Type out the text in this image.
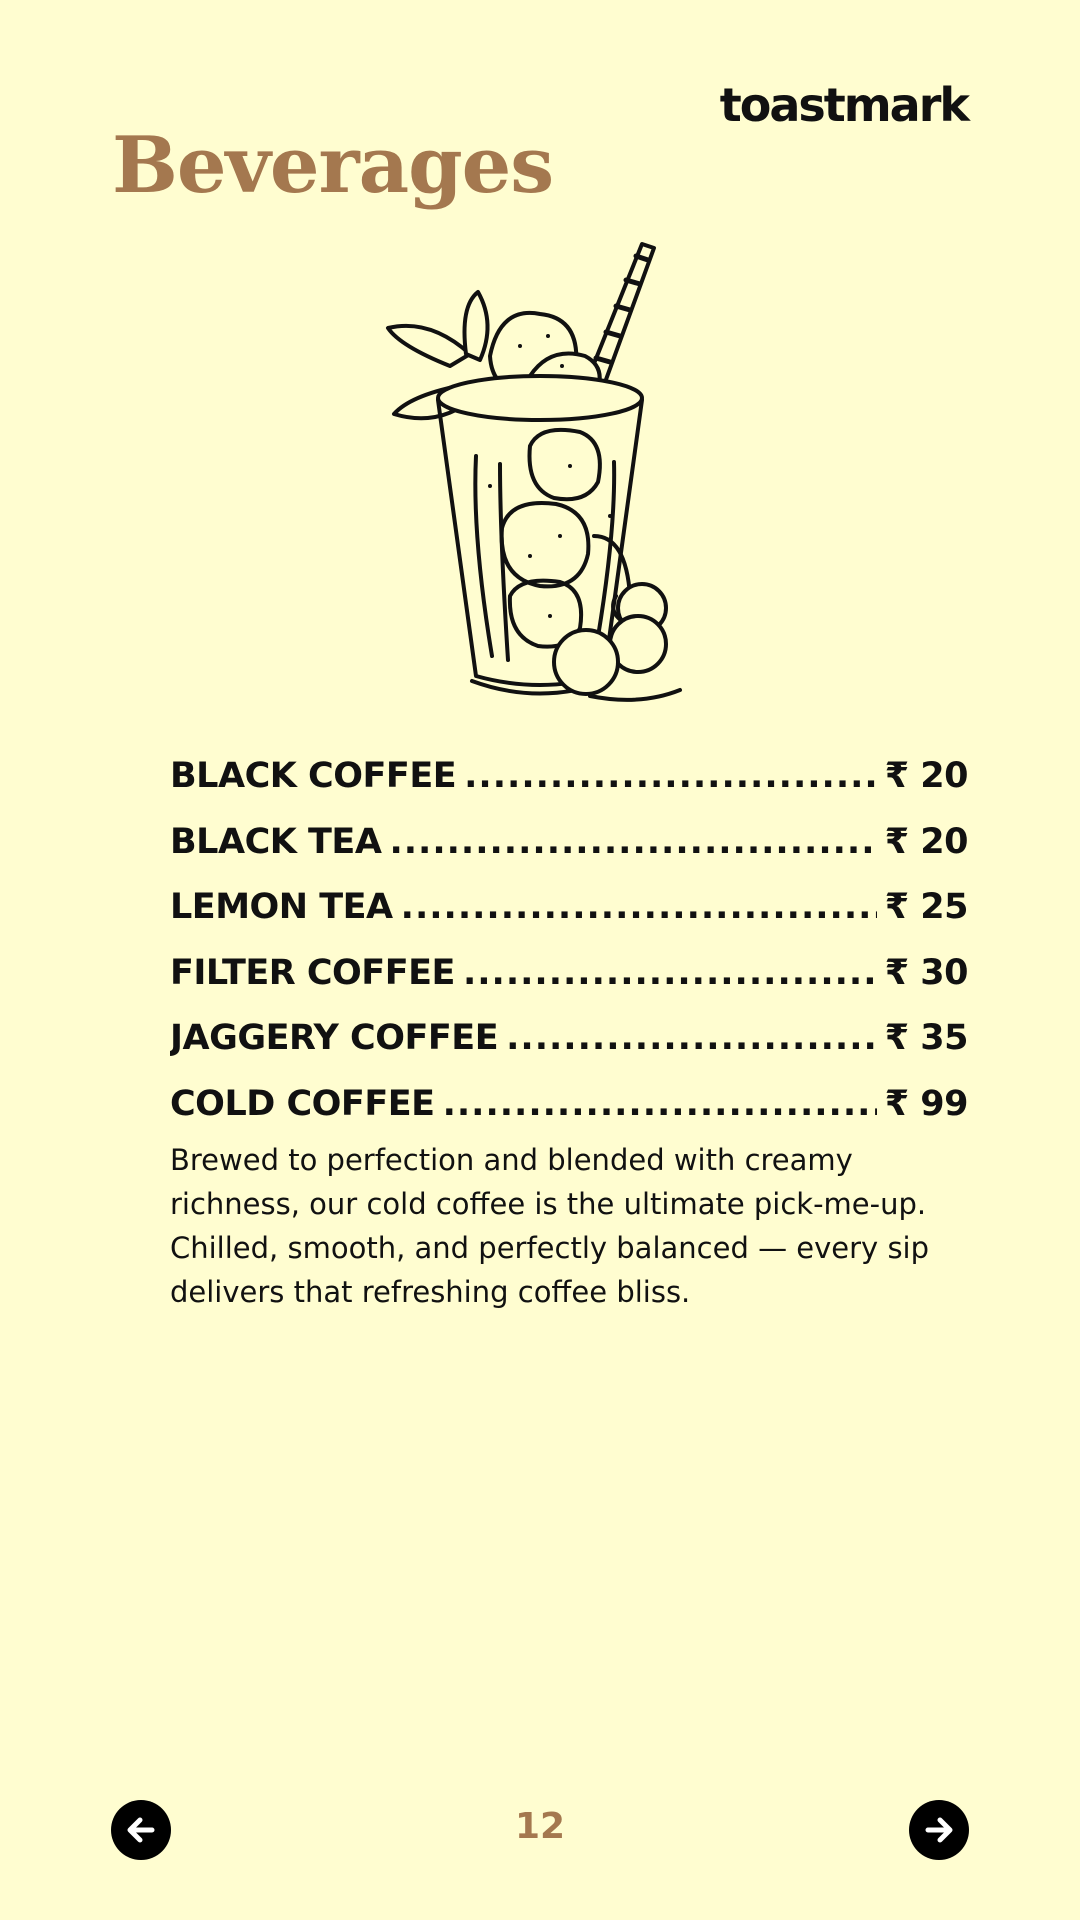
toastmark
Beverages
BLACK COFFEE .....	₹ 20
BLACK TEA .....	₹ 20
LEMON TEA .....	₹ 25
FILTER COFFEE .....	₹ 30
JAGGERY COFFEE .....	₹ 35
COLD COFFEE .....	₹ 99
Brewed to perfection and blended with creamy
richness, our cold coffee is the ultimate pick-me-up.
Chilled, smooth, and perfectly balanced — every sip
delivers that refreshing coffee bliss.
12
